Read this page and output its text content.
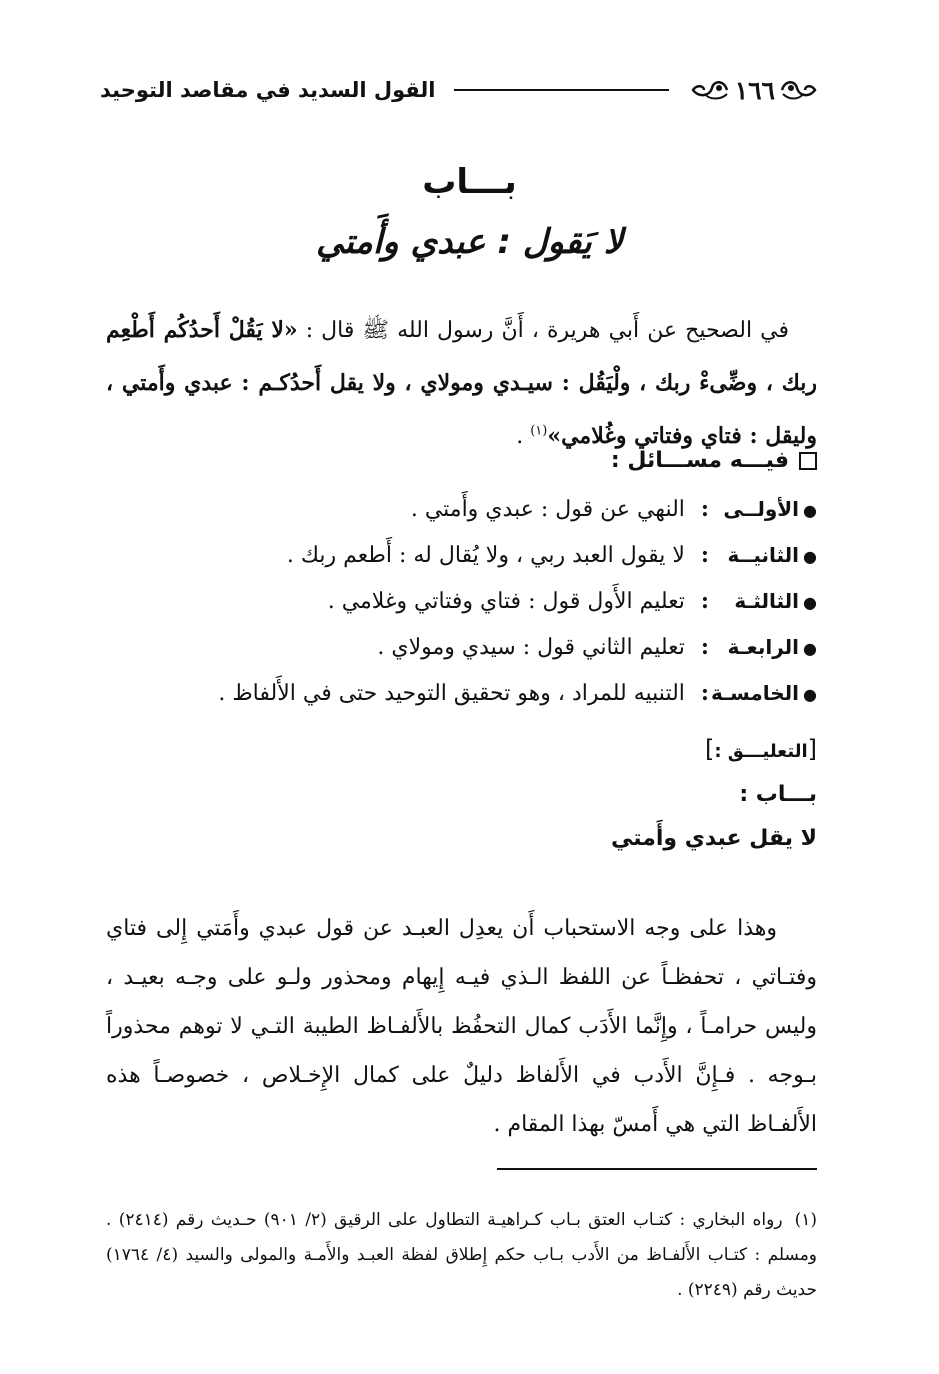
١٦٦
القول السديد في مقاصد التوحيد
بـــاب
لا يَقول : عبدي وأَمتي

في الصحيح عن أَبي هريرة ، أَنَّ رسول الله ﷺ قال : «لا يَقُلْ أَحدُكُم أَطْعِم ربك ، وضِّىءْ ربك ، ولْيَقُل : سيـدي ومولاي ، ولا يقل أَحدُكـم : عبدي وأَمتي ، وليقل : فتاي وفتاتي وغُلامي»$^{(١)}$ .

فيـــه مســـائل :
●
الأولــى
:
النهي عن قول : عبدي وأَمتي .
●
الثانيــة
:
لا يقول العبد ربي ، ولا يُقال له : أَطعم ربك .
●
الثالثـة
:
تعليم الأَول قول : فتاي وفتاتي وغلامي .
●
الرابعـة
:
تعليم الثاني قول : سيدي ومولاي .
●
الخامسـة
:
التنبيه للمراد ، وهو تحقيق التوحيد حتى في الأَلفاظ .
[التعليـــق :]
بـــاب :
لا يقل عبدي وأَمتي

وهذا على وجه الاستحباب أَن يعدِل العبـد عن قول عبدي وأَمَتي إِلى فتاي وفتـاتي ، تحفظـاً عن اللفظ الـذي فيـه إِيهام ومحذور ولـو على وجـه بعيـد ، وليس حرامـاً ، وإِنَّما الأَدَب كمال التحفُظ بالأَلفـاظ الطيبة التـي لا توهم محذوراً بـوجه . فـإِنَّ الأَدب في الأَلفاظ دليلٌ على كمال الإِخـلاص ، خصوصـاً هذه الأَلفـاظ التي هي أَمسّ بهذا المقام .

(١)رواه البخاري : كتـاب العتق بـاب كـراهيـة التطاول على الرقيق (٢/ ٩٠١) حـديث رقم (٢٤١٤) . ومسلم : كتـاب الأَلفـاظ من الأَدب بـاب حكم إِطلاق لفظة العبـد والأَمـة والمولى والسيد (٤/ ١٧٦٤) حديث رقم (٢٢٤٩) .
